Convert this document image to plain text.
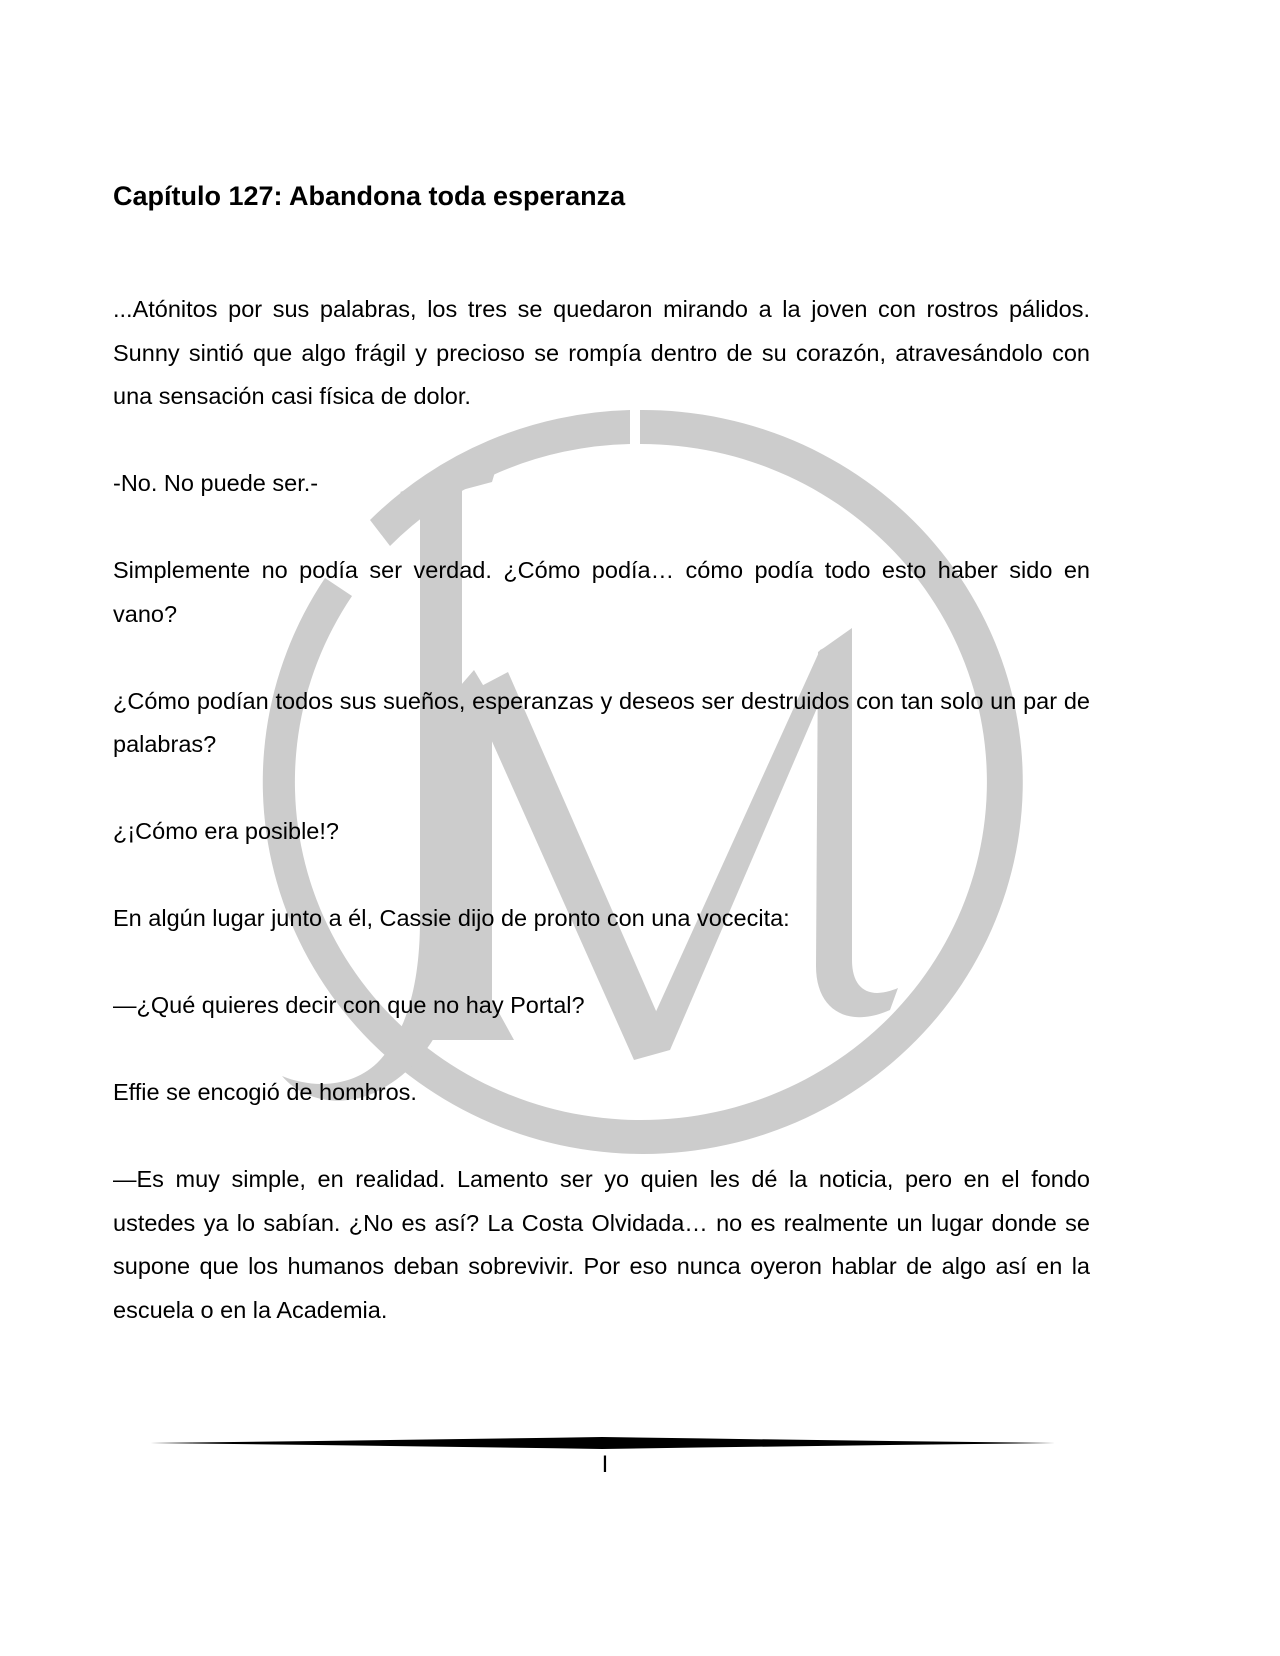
Capítulo 127: Abandona toda esperanza

...Atónitos por sus palabras, los tres se quedaron mirando a la joven con rostros pálidos. Sunny sintió que algo frágil y precioso se rompía dentro de su corazón, atravesándolo con una sensación casi física de dolor.

-No. No puede ser.-

Simplemente no podía ser verdad. ¿Cómo podía… cómo podía todo esto haber sido en vano?

¿Cómo podían todos sus sueños, esperanzas y deseos ser destruidos con tan solo un par de palabras?

¿¡Cómo era posible!?

En algún lugar junto a él, Cassie dijo de pronto con una vocecita:

—¿Qué quieres decir con que no hay Portal?

Effie se encogió de hombros.

—Es muy simple, en realidad. Lamento ser yo quien les dé la noticia, pero en el fondo ustedes ya lo sabían. ¿No es así? La Costa Olvidada… no es realmente un lugar donde se supone que los humanos deban sobrevivir. Por eso nunca oyeron hablar de algo así en la escuela o en la Academia.

I
